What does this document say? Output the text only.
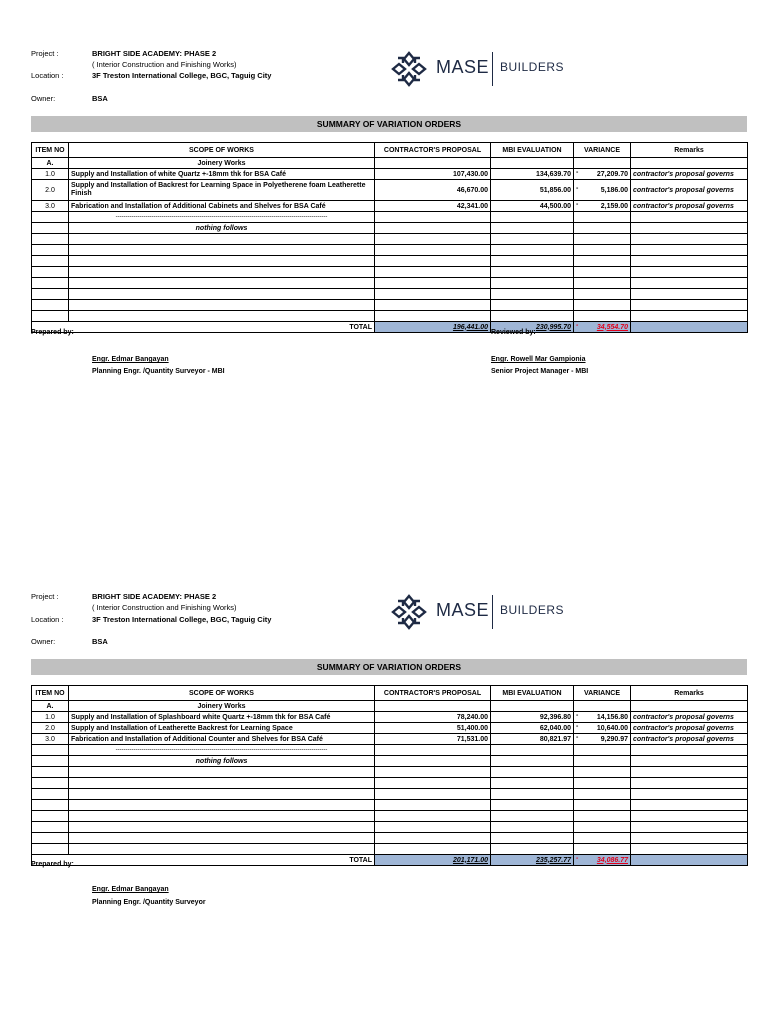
Project :	BRIGHT SIDE ACADEMY: PHASE 2
( Interior Construction and Finishing Works)
Location :	3F Treston International College, BGC, Taguig City
Owner:	BSA
MASE BUILDERS
SUMMARY OF VARIATION ORDERS
ITEM NO	SCOPE OF WORKS	CONTRACTOR'S PROPOSAL	MBI EVALUATION	VARIANCE	Remarks
A.	Joinery Works				
1.0	Supply and Installation of white Quartz +-18mm thk for BSA Café	107,430.00	134,639.70	- 27,209.70	contractor's proposal governs
2.0	Supply and Installation of Backrest for Learning Space in Polyetherene foam Leatherette Finish	46,670.00	51,856.00	- 5,186.00	contractor's proposal governs
3.0	Fabrication and Installation of Additional Cabinets and Shelves for BSA Café	42,341.00	44,500.00	- 2,159.00	contractor's proposal governs
	----------------------------------------------------------------------------------------------------------				
	nothing follows				

TOTAL		196,441.00	230,995.70	- 34,554.70	
Prepared by:	Reviewed by:
Engr. Edmar Bangayan
Planning Engr. /Quantity Surveyor - MBI
Engr. Rowell Mar Gampionia
Senior Project Manager - MBI
Project :	BRIGHT SIDE ACADEMY: PHASE 2
( Interior Construction and Finishing Works)
Location :	3F Treston International College, BGC, Taguig City
Owner:	BSA
MASE BUILDERS
SUMMARY OF VARIATION ORDERS
ITEM NO	SCOPE OF WORKS	CONTRACTOR'S PROPOSAL	MBI EVALUATION	VARIANCE	Remarks
A.	Joinery Works				
1.0	Supply and Installation of Splashboard white Quartz +-18mm thk for BSA Café	78,240.00	92,396.80	- 14,156.80	contractor's proposal governs
2.0	Supply and Installation of Leatherette Backrest for Learning Space	51,400.00	62,040.00	- 10,640.00	contractor's proposal governs
3.0	Fabrication and Installation of Additional Counter and Shelves for BSA Café	71,531.00	80,821.97	- 9,290.97	contractor's proposal governs
	----------------------------------------------------------------------------------------------------------				
	nothing follows				

TOTAL		201,171.00	235,257.77	- 34,086.77	
Prepared by:
Engr. Edmar Bangayan
Planning Engr. /Quantity Surveyor
